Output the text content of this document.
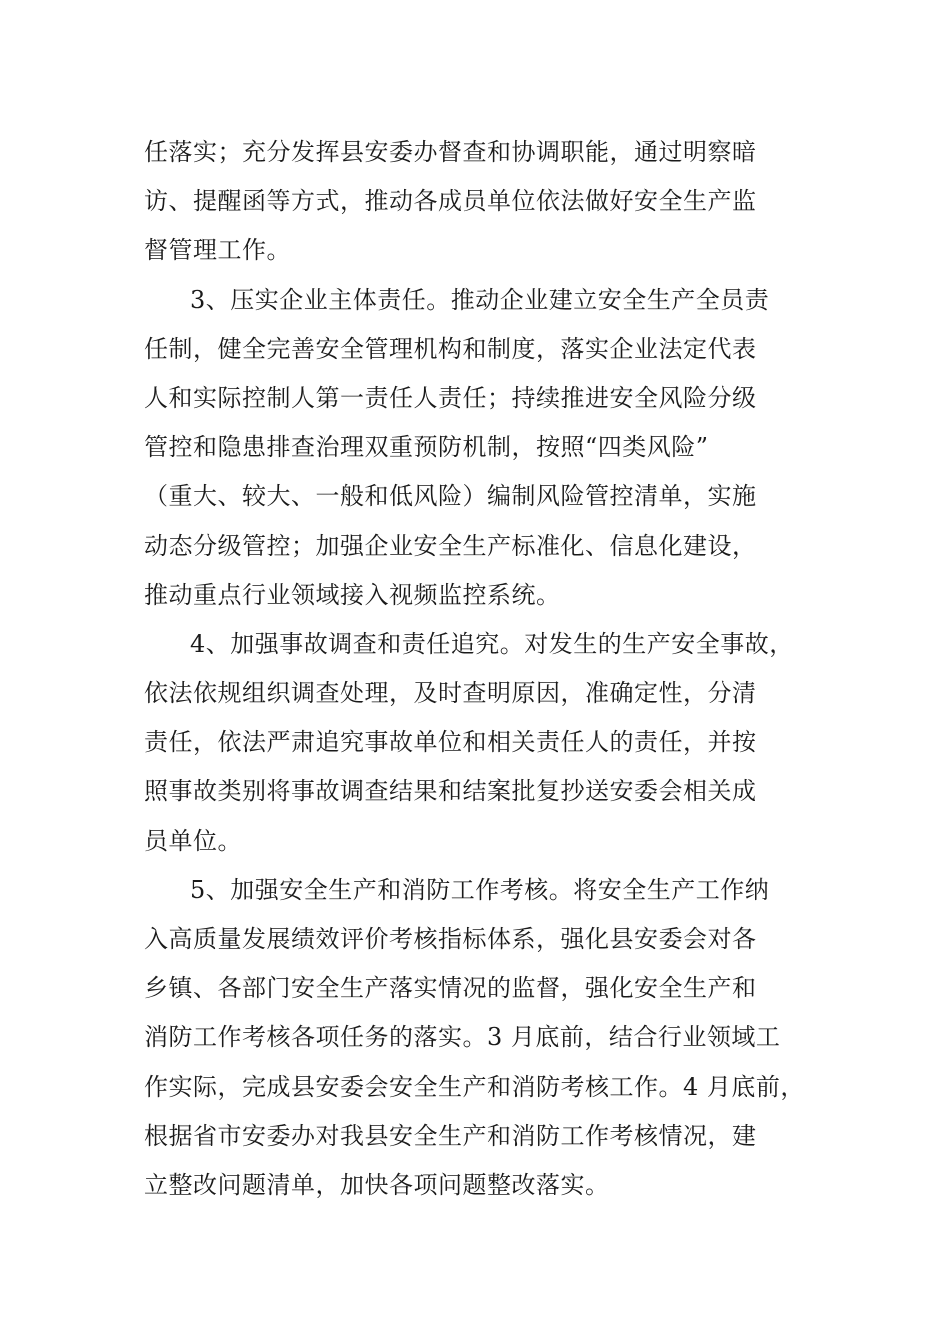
任落实；充分发挥县安委办督查和协调职能，通过明察暗
访、提醒函等方式，推动各成员单位依法做好安全生产监
督管理工作。
3、压实企业主体责任。推动企业建立安全生产全员责
任制，健全完善安全管理机构和制度，落实企业法定代表
人和实际控制人第一责任人责任；持续推进安全风险分级
管控和隐患排查治理双重预防机制，按照“四类风险”
（重大、较大、一般和低风险）编制风险管控清单，实施
动态分级管控；加强企业安全生产标准化、信息化建设，
推动重点行业领域接入视频监控系统。
4、加强事故调查和责任追究。对发生的生产安全事故，
依法依规组织调查处理，及时查明原因，准确定性，分清
责任，依法严肃追究事故单位和相关责任人的责任，并按
照事故类别将事故调查结果和结案批复抄送安委会相关成
员单位。
5、加强安全生产和消防工作考核。将安全生产工作纳
入高质量发展绩效评价考核指标体系，强化县安委会对各
乡镇、各部门安全生产落实情况的监督，强化安全生产和
消防工作考核各项任务的落实。3 月底前，结合行业领域工
作实际，完成县安委会安全生产和消防考核工作。4 月底前，
根据省市安委办对我县安全生产和消防工作考核情况，建
立整改问题清单，加快各项问题整改落实。
